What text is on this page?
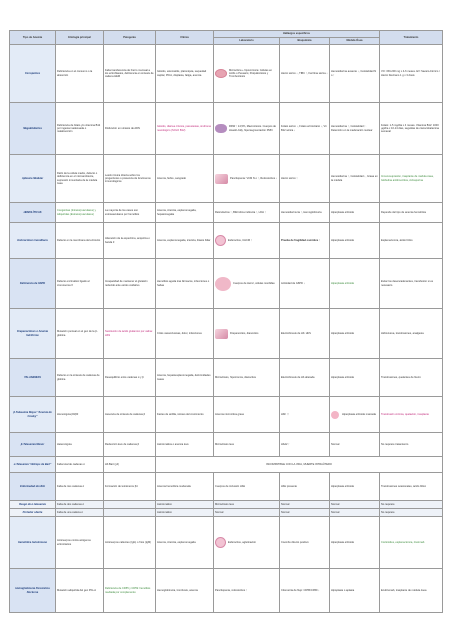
Tipo de Anemia	Etiología principal	Patogenia	Clínica	Hallazgos específicos			Tratamiento
				Laboratorio	Bioquímica	Médula Ósea	
Ferropénica	Deficiencia en el consumo o la absorción	Falta transferencia de hierro mucosal a los eritroblastos, deficiencia en síntesis de cadena HEM	Glositis, estomatitis, platoniquia, sequedad capilar, PICA, displasia, fatiga, anemia	Microcítica + hipocrómica: Células en Anillo o Pessario; Poiquilocitosis y Trombocitosis	Hierro sérico ↓, TIBC ↑, Ferritina sérica ↓	Hemosiderina ausente ↓, Celularidad N o ↑	VO: 150-200 mg x 4-6 meses. EV: Sacaro-Férrico / Hierro Dextrano 1 g x 3 dosis
Megaloblástica	Deficiencia de folato y/o vitamina B12 por ingesta inadecuada o malabsorción	Disfunción en síntesis de ADN	Glositis, diarrea crónica, parestesias, síndrome neurológico (SOLO B12)	RDW ↑ 14,5%, Macrocitosis. Cuerpos de Howell-Jolly, hipersegmentación PMN	Folato sérico ↓, Folato eritrocitario ↓, Vit B12 sérica ↓	Hemosiderina ↑, Celularidad ↑. Detención en la maduración nuclear	Folato: 1-5 mg/día x 4 meses. Vitamina B12: 1000 µg/día x 10-14 días, seguidas de cianocobalamina semanal
Aplásica Medular	Daño de la célula madre, defecto o deficiencia en el microambiente, supresión inmunitaria de la médula ósea	Lesión tóxica directa sobre los progenitores o presencia de fenómenos inmunológicos	Anemia, fiebre, sangrado	Pancitopenia: VCM N o ↑, Reticulocitos ↓	Hierro sérico ↑	Hemosiderina ↑, Celularidad ↓, Grasa en la médula	Inmunosupresión, trasplante de médula ósea, Globulina antitimocítica, ciclosporina
HEMOLÍTICAS	Congénitas (Intracorpusculares) y Adquiridas (Extracorpusculares)	La mayoría de los casos son extravasculares por hemólisis	Anemia, ictericia, esplenomegalia, hepatomegalia	Reticulocitos ↑, Bilirrubina indirecta ↑, LDH ↑	Hemosiderinuria ↑, Hemoglobinuria	Hiperplasia eritroide	Depende del tipo de anemia hemolítica
Esferocitosis hereditaria	Defecto en la membrana del eritrocito	Alteración de la espectrina, anquirina o banda 3	Anemia, esplenomegalia, ictericia, litiasis biliar	Esferocitos, CHCM ↑	Prueba de fragilidad osmótica ↑	Hiperplasia eritroide	Esplenectomía, ácido fólico
Deficiencia de G6PD	Defecto enzimático ligado al cromosoma X	Incapacidad de mantener el glutatión reducido ante estrés oxidativo	Hemólisis aguda tras fármacos, infecciones o habas	Cuerpos de Heinz, células mordidas	Actividad de G6PD ↓	Hiperplasia eritroide	Evitar los desencadenantes, transfusión si es necesario
Drepanocitosis o Anemia falciforme	Mutación puntual en el gen de la β-globina	Sustitución de ácido glutámico por valina: HbS	Crisis vasooclusivas, dolor, infecciones	Drepanocitos, dianocitos	Electroforesis de Hb: HbS	Hiperplasia eritroide	Hidroxiurea, transfusiones, analgesia
TALASEMIAS	Defecto en la síntesis de cadenas de globina	Desequilibrio entre cadenas α y β	Anemia, hepatoesplenomegalia, deformidades óseas	Microcitosis, hipocromía, dianocitos	Electroforesis de Hb alterada	Hiperplasia eritroide	Transfusiones, quelantes de hierro
β-Talasemia Mayor "Anemia de Cooley"	Homocigota β0/β0	Ausencia de síntesis de cadenas β	Facies de ardilla, retraso del crecimiento	Anemia microcítica grave	HbF ↑↑	Hiperplasia eritroide marcada	Transfusión crónica, quelación, trasplante
β-Talasemia Menor	Heterocigota	Reducción leve de cadenas β	Asintomática o anemia leve	Microcitosis leve	HbA2 ↑	Normal	No requiere tratamiento
α-Talasemia "Hidrops de Bart"	Falta total de cadenas α	Hb Bart (γ4)	INCOMPATIBLE CON LA VIDA, MUERTE INTRAÚTERO				
Enfermedad de HbH	Falta de tres cadenas α	Formación de tetrámeros β4	Anemia hemolítica moderada	Cuerpos de inclusión HbH	HbH presente	Hiperplasia eritroide	Transfusiones ocasionales, ácido fólico
Rasgo de α-talasemia	Falta de dos cadenas α		Asintomático	Microcitosis leve	Normal	Normal	No requiere
Portador silente	Falta de una cadena α		Asintomático	Normal	Normal	Normal	No requiere
Hemolítica Autoinmune	Anticuerpos contra antígenos eritrocitarios	Anticuerpos calientes (IgG) o fríos (IgM)	Anemia, ictericia, esplenomegalia	Esferocitos, aglutinación	Coombs directo positivo	Hiperplasia eritroide	Corticoides, esplenectomía, rituximab
Hemoglobinuria Paroxística Nocturna	Mutación adquirida del gen PIG-A	Deficiencia de CD55 y CD59: hemólisis mediada por complemento	Hemoglobinuria, trombosis, anemia	Pancitopenia, reticulocitos ↑	Citometría de flujo: CD55/CD59 ↓	Hipoplasia o aplasia	Eculizumab, trasplante de médula ósea
